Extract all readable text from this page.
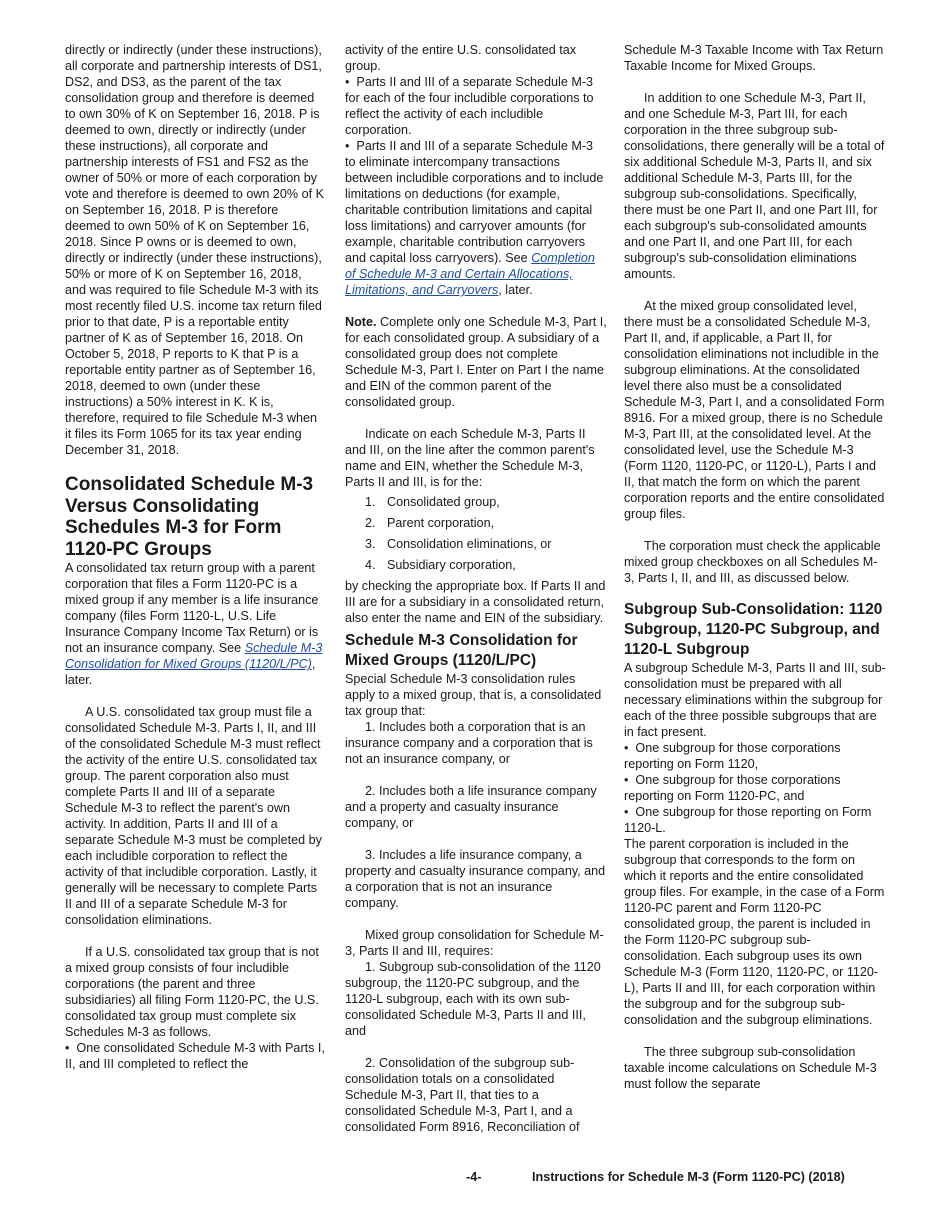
directly or indirectly (under these instructions), all corporate and partnership interests of DS1, DS2, and DS3, as the parent of the tax consolidation group and therefore is deemed to own 30% of K on September 16, 2018. P is deemed to own, directly or indirectly (under these instructions), all corporate and partnership interests of FS1 and FS2 as the owner of 50% or more of each corporation by vote and therefore is deemed to own 20% of K on September 16, 2018. P is therefore deemed to own 50% of K on September 16, 2018. Since P owns or is deemed to own, directly or indirectly (under these instructions), 50% or more of K on September 16, 2018, and was required to file Schedule M-3 with its most recently filed U.S. income tax return filed prior to that date, P is a reportable entity partner of K as of September 16, 2018. On October 5, 2018, P reports to K that P is a reportable entity partner as of September 16, 2018, deemed to own (under these instructions) a 50% interest in K. K is, therefore, required to file Schedule M-3 when it files its Form 1065 for its tax year ending December 31, 2018.

Consolidated Schedule M-3 Versus Consolidating Schedules M-3 for Form 1120-PC Groups

A consolidated tax return group with a parent corporation that files a Form 1120-PC is a mixed group if any member is a life insurance company (files Form 1120-L, U.S. Life Insurance Company Income Tax Return) or is not an insurance company. See Schedule M-3 Consolidation for Mixed Groups (1120/L/PC), later.

A U.S. consolidated tax group must file a consolidated Schedule M-3. Parts I, II, and III of the consolidated Schedule M-3 must reflect the activity of the entire U.S. consolidated tax group. The parent corporation also must complete Parts II and III of a separate Schedule M-3 to reflect the parent's own activity. In addition, Parts II and III of a separate Schedule M-3 must be completed by each includible corporation to reflect the activity of that includible corporation. Lastly, it generally will be necessary to complete Parts II and III of a separate Schedule M-3 for consolidation eliminations.

If a U.S. consolidated tax group that is not a mixed group consists of four includible corporations (the parent and three subsidiaries) all filing Form 1120-PC, the U.S. consolidated tax group must complete six Schedules M-3 as follows.

• One consolidated Schedule M-3 with Parts I, II, and III completed to reflect the

activity of the entire U.S. consolidated tax group.

• Parts II and III of a separate Schedule M-3 for each of the four includible corporations to reflect the activity of each includible corporation.

• Parts II and III of a separate Schedule M-3 to eliminate intercompany transactions between includible corporations and to include limitations on deductions (for example, charitable contribution limitations and capital loss limitations) and carryover amounts (for example, charitable contribution carryovers and capital loss carryovers). See Completion of Schedule M-3 and Certain Allocations, Limitations, and Carryovers, later.

Note. Complete only one Schedule M-3, Part I, for each consolidated group. A subsidiary of a consolidated group does not complete Schedule M-3, Part I. Enter on Part I the name and EIN of the common parent of the consolidated group.

Indicate on each Schedule M-3, Parts II and III, on the line after the common parent's name and EIN, whether the Schedule M-3, Parts II and III, is for the:

1. Consolidated group,
2. Parent corporation,
3. Consolidation eliminations, or
4. Subsidiary corporation,

by checking the appropriate box. If Parts II and III are for a subsidiary in a consolidated return, also enter the name and EIN of the subsidiary.

Schedule M-3 Consolidation for Mixed Groups (1120/L/PC)

Special Schedule M-3 consolidation rules apply to a mixed group, that is, a consolidated tax group that:

1. Includes both a corporation that is an insurance company and a corporation that is not an insurance company, or

2. Includes both a life insurance company and a property and casualty insurance company, or

3. Includes a life insurance company, a property and casualty insurance company, and a corporation that is not an insurance company.

Mixed group consolidation for Schedule M-3, Parts II and III, requires:

1. Subgroup sub-consolidation of the 1120 subgroup, the 1120-PC subgroup, and the 1120-L subgroup, each with its own sub-consolidated Schedule M-3, Parts II and III, and

2. Consolidation of the subgroup sub-consolidation totals on a consolidated Schedule M-3, Part II, that ties to a consolidated Schedule M-3, Part I, and a consolidated Form 8916, Reconciliation of

Schedule M-3 Taxable Income with Tax Return Taxable Income for Mixed Groups.

In addition to one Schedule M-3, Part II, and one Schedule M-3, Part III, for each corporation in the three subgroup sub-consolidations, there generally will be a total of six additional Schedule M-3, Parts II, and six additional Schedule M-3, Parts III, for the subgroup sub-consolidations. Specifically, there must be one Part II, and one Part III, for each subgroup's sub-consolidated amounts and one Part II, and one Part III, for each subgroup's sub-consolidation eliminations amounts.

At the mixed group consolidated level, there must be a consolidated Schedule M-3, Part II, and, if applicable, a Part II, for consolidation eliminations not includible in the subgroup eliminations. At the consolidated level there also must be a consolidated Schedule M-3, Part I, and a consolidated Form 8916. For a mixed group, there is no Schedule M-3, Part III, at the consolidated level. At the consolidated level, use the Schedule M-3 (Form 1120, 1120-PC, or 1120-L), Parts I and II, that match the form on which the parent corporation reports and the entire consolidated group files.

The corporation must check the applicable mixed group checkboxes on all Schedules M-3, Parts I, II, and III, as discussed below.

Subgroup Sub-Consolidation: 1120 Subgroup, 1120-PC Subgroup, and 1120-L Subgroup

A subgroup Schedule M-3, Parts II and III, sub-consolidation must be prepared with all necessary eliminations within the subgroup for each of the three possible subgroups that are in fact present.

• One subgroup for those corporations reporting on Form 1120,

• One subgroup for those corporations reporting on Form 1120-PC, and

• One subgroup for those reporting on Form 1120-L.

The parent corporation is included in the subgroup that corresponds to the form on which it reports and the entire consolidated group files. For example, in the case of a Form 1120-PC parent and Form 1120-PC consolidated group, the parent is included in the Form 1120-PC subgroup sub-consolidation. Each subgroup uses its own Schedule M-3 (Form 1120, 1120-PC, or 1120-L), Parts II and III, for each corporation within the subgroup and for the subgroup sub-consolidation and the subgroup eliminations.

The three subgroup sub-consolidation taxable income calculations on Schedule M-3 must follow the separate

-4-	Instructions for Schedule M-3 (Form 1120-PC) (2018)
